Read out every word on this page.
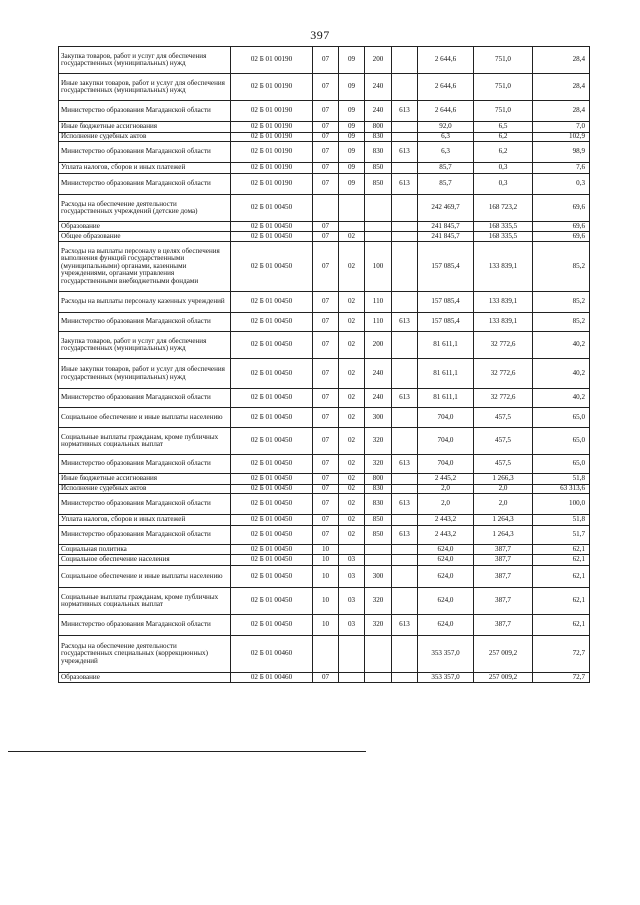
397
Закупка товаров, работ и услуг для обеспечения государственных (муниципальных) нужд	02 Б 01 00190	07	09	200		2 644,6	751,0	28,4
Иные закупки товаров, работ и услуг для обеспечения государственных (муниципальных) нужд	02 Б 01 00190	07	09	240		2 644,6	751,0	28,4
Министерство образования Магаданской области	02 Б 01 00190	07	09	240	613	2 644,6	751,0	28,4
Иные бюджетные ассигнования	02 Б 01 00190	07	09	800		92,0	6,5	7,0
Исполнение судебных актов	02 Б 01 00190	07	09	830		6,3	6,2	102,9
Министерство образования Магаданской области	02 Б 01 00190	07	09	830	613	6,3	6,2	98,9
Уплата налогов, сборов и иных платежей	02 Б 01 00190	07	09	850		85,7	0,3	7,6
Министерство образования Магаданской области	02 Б 01 00190	07	09	850	613	85,7	0,3	0,3
Расходы на обеспечение деятельности государственных учреждений (детские дома)	02 Б 01 00450					242 469,7	168 723,2	69,6
Образование	02 Б 01 00450	07				241 845,7	168 335,5	69,6
Общее образование	02 Б 01 00450	07	02			241 845,7	168 335,5	69,6
Расходы на выплаты персоналу в целях обеспечения выполнения функций государственными (муниципальными) органами, казенными учреждениями, органами управления государственными внебюджетными фондами	02 Б 01 00450	07	02	100		157 085,4	133 839,1	85,2
Расходы на выплаты персоналу казенных учреждений	02 Б 01 00450	07	02	110		157 085,4	133 839,1	85,2
Министерство образования Магаданской области	02 Б 01 00450	07	02	110	613	157 085,4	133 839,1	85,2
Закупка товаров, работ и услуг для обеспечения государственных (муниципальных) нужд	02 Б 01 00450	07	02	200		81 611,1	32 772,6	40,2
Иные закупки товаров, работ и услуг для обеспечения государственных (муниципальных) нужд	02 Б 01 00450	07	02	240		81 611,1	32 772,6	40,2
Министерство образования Магаданской области	02 Б 01 00450	07	02	240	613	81 611,1	32 772,6	40,2
Социальное обеспечение и иные выплаты населению	02 Б 01 00450	07	02	300		704,0	457,5	65,0
Социальные выплаты гражданам, кроме публичных нормативных социальных выплат	02 Б 01 00450	07	02	320		704,0	457,5	65,0
Министерство образования Магаданской области	02 Б 01 00450	07	02	320	613	704,0	457,5	65,0
Иные бюджетные ассигнования	02 Б 01 00450	07	02	800		2 445,2	1 266,3	51,8
Исполнение судебных актов	02 Б 01 00450	07	02	830		2,0	2,0	63 313,6
Министерство образования Магаданской области	02 Б 01 00450	07	02	830	613	2,0	2,0	100,0
Уплата налогов, сборов и иных платежей	02 Б 01 00450	07	02	850		2 443,2	1 264,3	51,8
Министерство образования Магаданской области	02 Б 01 00450	07	02	850	613	2 443,2	1 264,3	51,7
Социальная политика	02 Б 01 00450	10				624,0	387,7	62,1
Социальное обеспечение населения	02 Б 01 00450	10	03			624,0	387,7	62,1
Социальное обеспечение и иные выплаты населению	02 Б 01 00450	10	03	300		624,0	387,7	62,1
Социальные выплаты гражданам, кроме публичных нормативных социальных выплат	02 Б 01 00450	10	03	320		624,0	387,7	62,1
Министерство образования Магаданской области	02 Б 01 00450	10	03	320	613	624,0	387,7	62,1
Расходы на обеспечение деятельности государственных специальных (коррекционных) учреждений	02 Б 01 00460					353 357,0	257 009,2	72,7
Образование	02 Б 01 00460	07				353 357,0	257 009,2	72,7
